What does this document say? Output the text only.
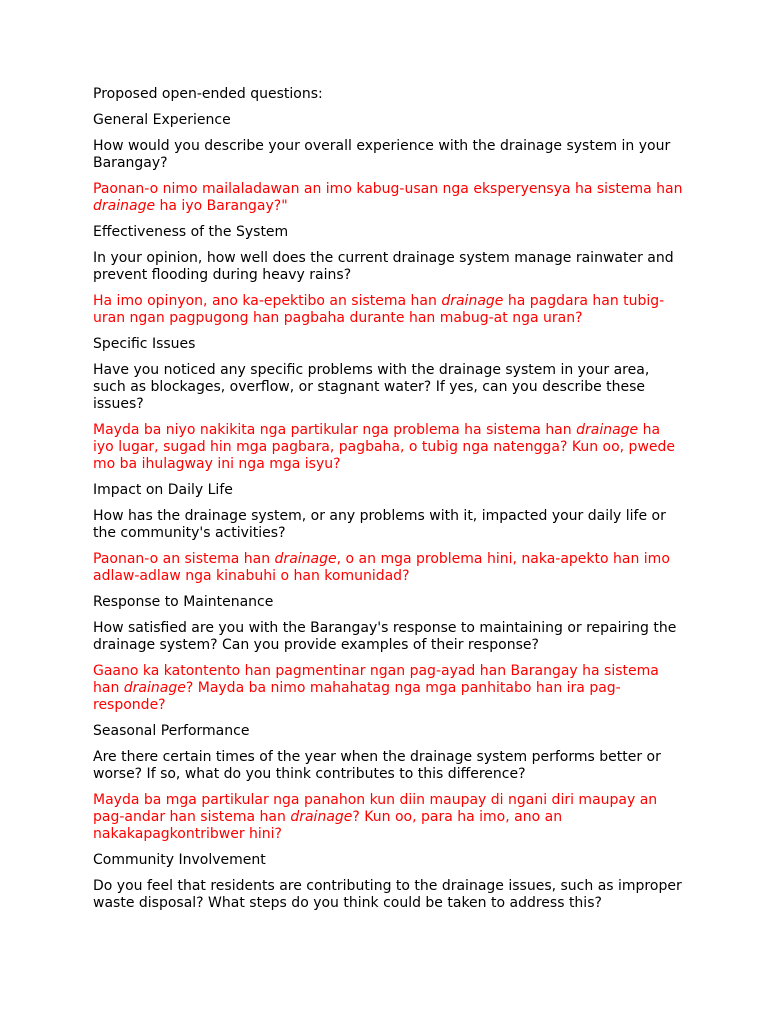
Proposed open-ended questions:

General Experience

How would you describe your overall experience with the drainage system in your Barangay?

Paonan-o nimo mailaladawan an imo kabug-usan nga eksperyensya ha sistema han drainage ha iyo Barangay?"

Effectiveness of the System

In your opinion, how well does the current drainage system manage rainwater and prevent flooding during heavy rains?

Ha imo opinyon, ano ka-epektibo an sistema han drainage ha pagdara han tubig-uran ngan pagpugong han pagbaha durante han mabug-at nga uran?

Specific Issues

Have you noticed any specific problems with the drainage system in your area, such as blockages, overflow, or stagnant water? If yes, can you describe these issues?

Mayda ba niyo nakikita nga partikular nga problema ha sistema han drainage ha iyo lugar, sugad hin mga pagbara, pagbaha, o tubig nga natengga? Kun oo, pwede mo ba ihulagway ini nga mga isyu?

Impact on Daily Life

How has the drainage system, or any problems with it, impacted your daily life or the community's activities?

Paonan-o an sistema han drainage, o an mga problema hini, naka-apekto han imo adlaw-adlaw nga kinabuhi o han komunidad?

Response to Maintenance

How satisfied are you with the Barangay's response to maintaining or repairing the drainage system? Can you provide examples of their response?

Gaano ka katontento han pagmentinar ngan pag-ayad han Barangay ha sistema han drainage? Mayda ba nimo mahahatag nga mga panhitabo han ira pag-responde?

Seasonal Performance

Are there certain times of the year when the drainage system performs better or worse? If so, what do you think contributes to this difference?

Mayda ba mga partikular nga panahon kun diin maupay di ngani diri maupay an pag-andar han sistema han drainage? Kun oo, para ha imo, ano an nakakapagkontribwer hini?

Community Involvement

Do you feel that residents are contributing to the drainage issues, such as improper waste disposal? What steps do you think could be taken to address this?
